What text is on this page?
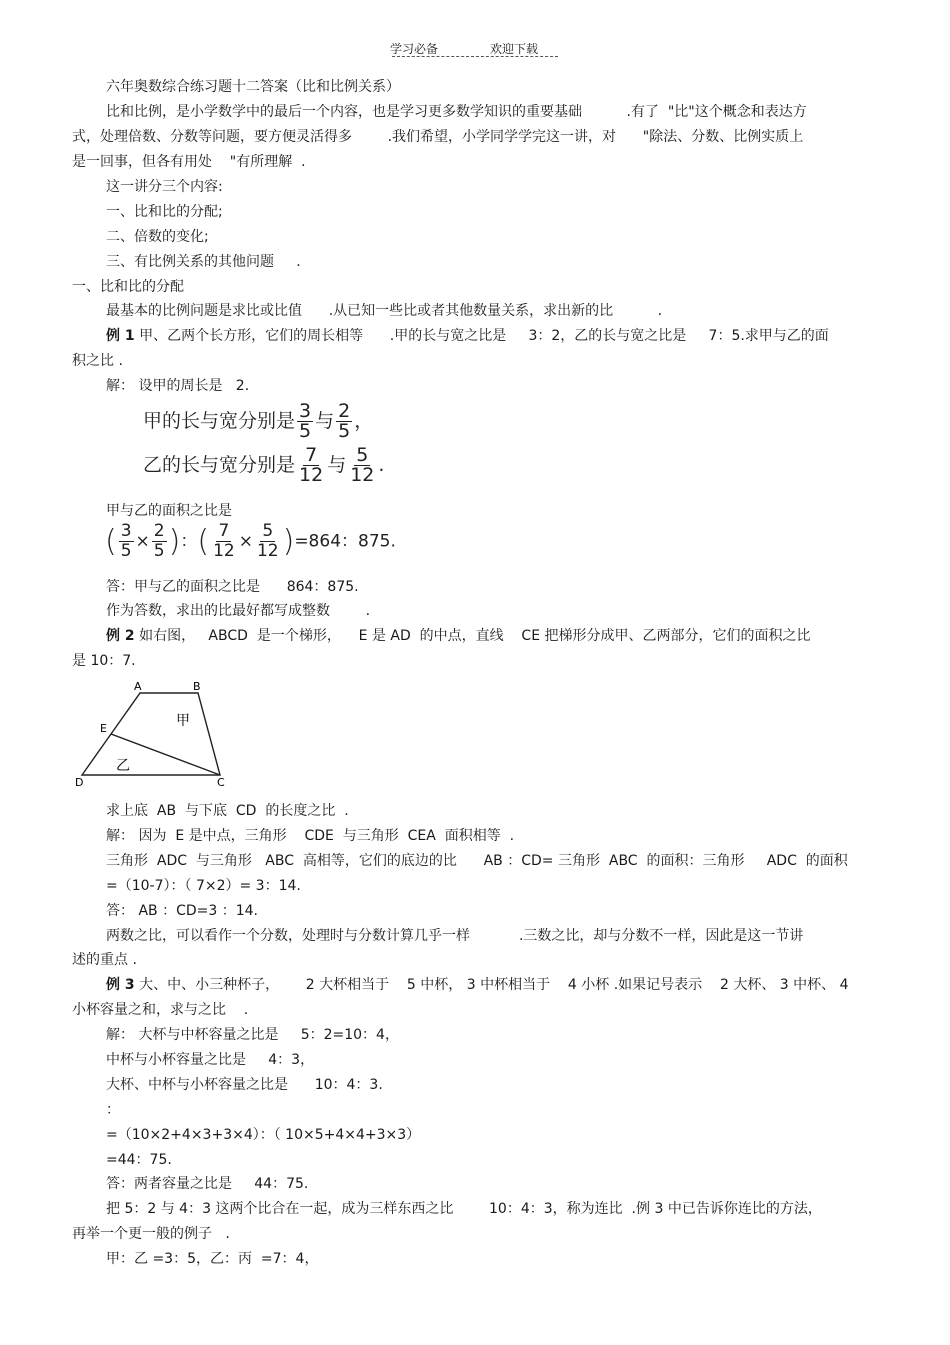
学习必备	欢迎下载
六年奥数综合练习题十二答案（比和比例关系）
比和比例，是小学数学中的最后一个内容，也是学习更多数学知识的重要基础          .有了  "比"这个概念和表达方
式，处理倍数、分数等问题，要方便灵活得多        .我们希望，小学同学学完这一讲，对      "除法、分数、比例实质上
是一回事，但各有用处    "有所理解  .
这一讲分三个内容:
一、比和比的分配;
二、倍数的变化;
三、有比例关系的其他问题     .
一、比和比的分配
最基本的比例问题是求比或比值      .从已知一些比或者其他数量关系，求出新的比          .
例 1 甲、乙两个长方形，它们的周长相等      .甲的长与宽之比是     3：2，乙的长与宽之比是     7：5.求甲与乙的面
积之比 .
解： 设甲的周长是   2.
甲的长与宽分别是 $\frac{3}{5}$ 与 $\frac{2}{5}$ ，
乙的长与宽分别是 $\frac{7}{12}$ 与 $\frac{5}{12}$ .
甲与乙的面积之比是
( $\frac{3}{5} \times \frac{2}{5}$ )：( $\frac{7}{12} \times \frac{5}{12} )=864$：875.
答：甲与乙的面积之比是      864：875.
作为答数，求出的比最好都写成整数        .
例 2 如右图，   ABCD  是一个梯形，    E 是 AD  的中点，直线    CE 把梯形分成甲、乙两部分，它们的面积之比
是 10：7.
A	B
C
D
E	甲
乙
求上底  AB  与下底  CD  的长度之比  .
解： 因为  E 是中点，三角形    CDE  与三角形  CEA  面积相等  .
三角形  ADC  与三角形   ABC  高相等，它们的底边的比      AB ：CD= 三角形  ABC  的面积：三角形     ADC  的面积
=（10-7）：（ 7×2）= 3：14.
答： AB ：CD=3 ：14.
两数之比，可以看作一个分数，处理时与分数计算几乎一样           .三数之比，却与分数不一样，因此是这一节讲
述的重点 .
例 3 大、中、小三种杯子，      2 大杯相当于    5 中杯， 3 中杯相当于    4 小杯 .如果记号表示    2 大杯、 3 中杯、 4
小杯容量之和，求与之比    .
解： 大杯与中杯容量之比是     5：2=10：4，
中杯与小杯容量之比是     4：3，
大杯、中杯与小杯容量之比是      10：4：3.
：
=（10×2+4×3+3×4）：（ 10×5+4×4+3×3）
=44：75.
答：两者容量之比是     44：75.
把 5：2 与 4：3 这两个比合在一起，成为三样东西之比        10：4：3，称为连比  .例 3 中已告诉你连比的方法，
再举一个更一般的例子   .
甲：乙 =3：5，乙：丙  =7：4，
